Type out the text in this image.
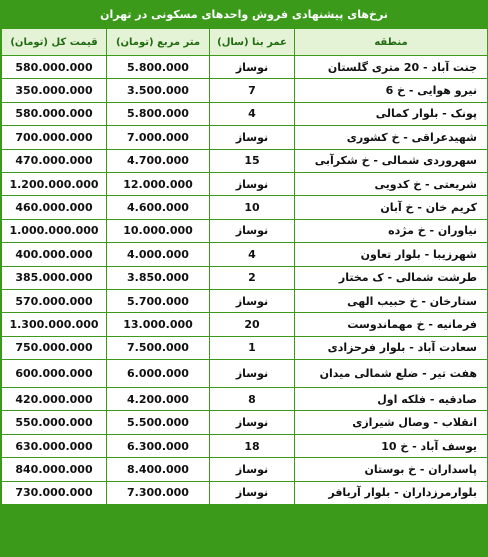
نرخ‌های پیشنهادی فروش واحدهای مسکونی در تهران
قیمت کل (تومان)	متر مربع (تومان)	عمر بنا (سال)	منطقه
580.000.000	5.800.000	نوساز	جنت آباد - 20 متری گلستان
350.000.000	3.500.000	7	نیرو هوایی - خ 6
580.000.000	5.800.000	4	پونک - بلوار کمالی
700.000.000	7.000.000	نوساز	شهیدعراقی - خ کشوری
470.000.000	4.700.000	15	سهروردی شمالی - خ شکرآبی
1.200.000.000	12.000.000	نوساز	شریعتی - خ کدویی
460.000.000	4.600.000	10	کریم خان - خ آبان
1.000.000.000	10.000.000	نوساز	نیاوران - خ مژده
400.000.000	4.000.000	4	شهرزیبا - بلوار تعاون
385.000.000	3.850.000	2	طرشت شمالی - ک مختار
570.000.000	5.700.000	نوساز	ستارخان - خ حبیب الهی
1.300.000.000	13.000.000	20	فرمانیه - خ مهماندوست
750.000.000	7.500.000	1	سعادت آباد - بلوار فرحزادی
600.000.000	6.000.000	نوساز	هفت تیر - ضلع شمالی میدان
420.000.000	4.200.000	8	صادقیه - فلکه اول
550.000.000	5.500.000	نوساز	انقلاب - وصال شیرازی
630.000.000	6.300.000	18	یوسف آباد - خ 10
840.000.000	8.400.000	نوساز	پاسداران - خ بوستان
730.000.000	7.300.000	نوساز	بلوارمرزداران - بلوار آریافر
